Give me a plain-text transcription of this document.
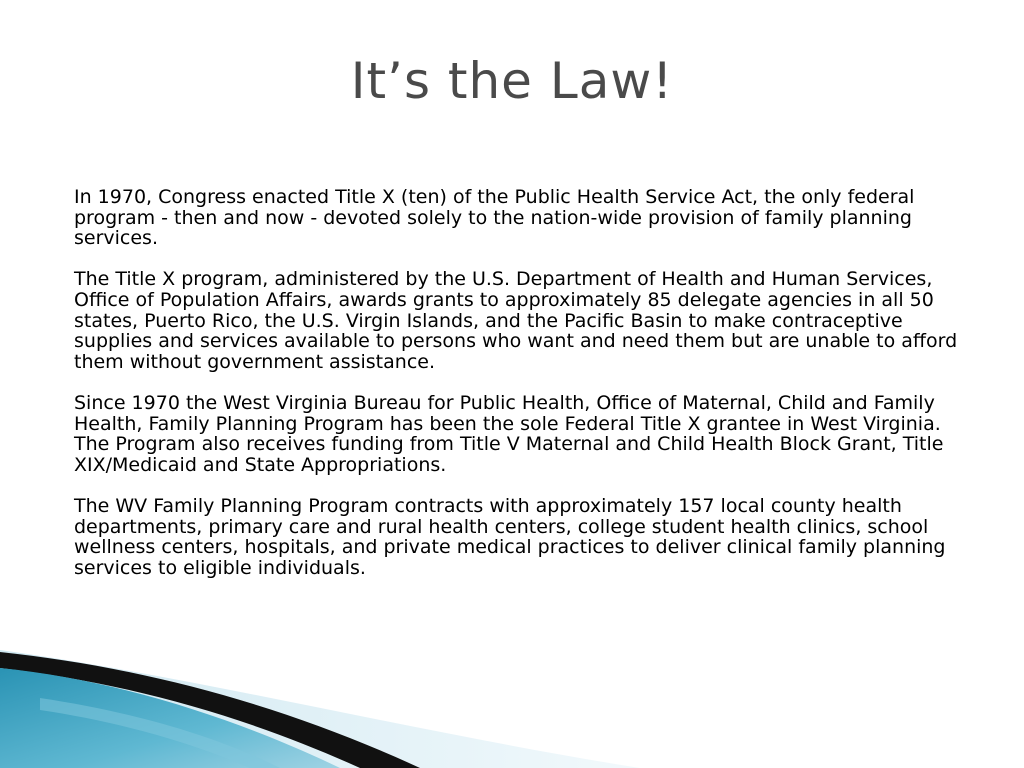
It’s the Law!

In 1970, Congress enacted Title X (ten) of the Public Health Service Act, the only federal program - then and now - devoted solely to the nation-wide provision of family planning services.

The Title X program, administered by the U.S. Department of Health and Human Services, Office of Population Affairs, awards grants to approximately 85 delegate agencies in all 50 states, Puerto Rico, the U.S. Virgin Islands, and the Pacific Basin to make contraceptive supplies and services available to persons who want and need them but are unable to afford them without government assistance.

Since 1970 the West Virginia Bureau for Public Health, Office of Maternal, Child and Family Health, Family Planning Program has been the sole Federal Title X grantee in West Virginia. The Program also receives funding from Title V Maternal and Child Health Block Grant, Title XIX/Medicaid and State Appropriations.

The WV Family Planning Program contracts with approximately 157 local county health departments, primary care and rural health centers, college student health clinics, school wellness centers, hospitals, and private medical practices to deliver clinical family planning services to eligible individuals.
